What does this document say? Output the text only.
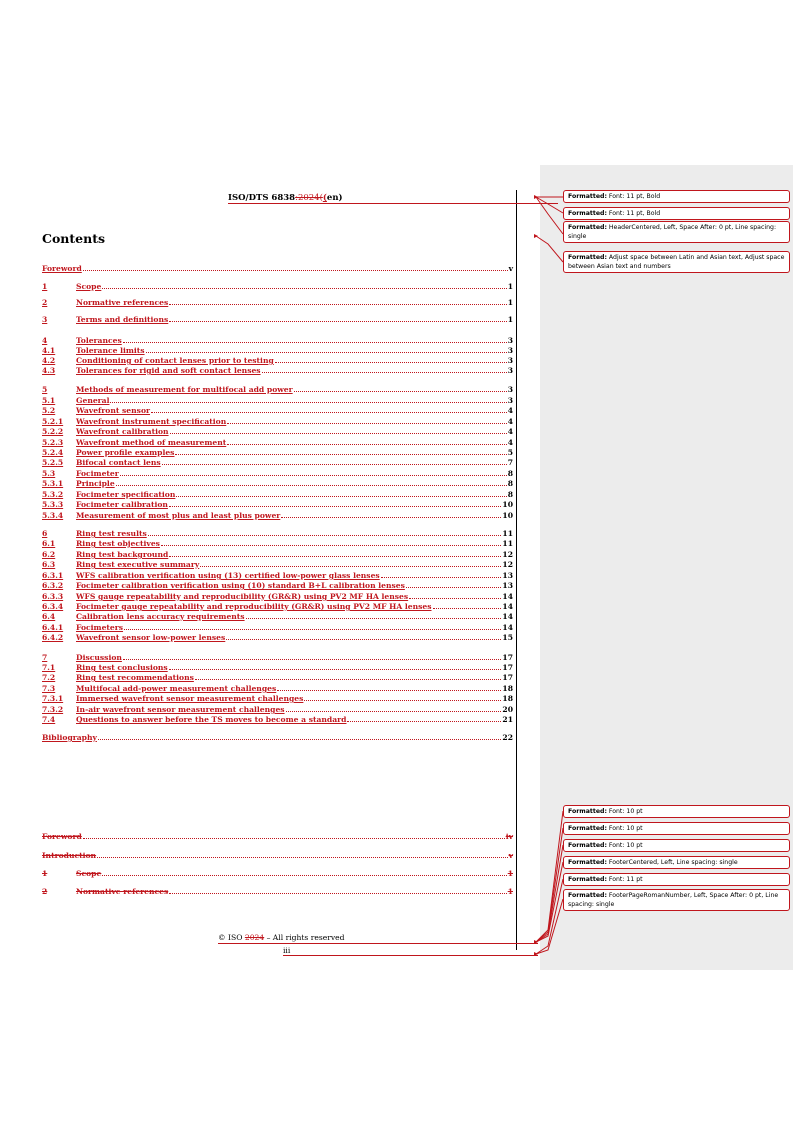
ISO/DTS 6838:2024((en)
Contents
Foreword	v
1	Scope	1
2	Normative references	1
3	Terms and definitions	1
4	Tolerances	3
4.1	Tolerance limits	3
4.2	Conditioning of contact lenses prior to testing	3
4.3	Tolerances for rigid and soft contact lenses	3
5	Methods of measurement for multifocal add power	3
5.1	General	3
5.2	Wavefront sensor	4
5.2.1	Wavefront instrument specification	4
5.2.2	Wavefront calibration	4
5.2.3	Wavefront method of measurement	4
5.2.4	Power profile examples	5
5.2.5	Bifocal contact lens	7
5.3	Focimeter	8
5.3.1	Principle	8
5.3.2	Focimeter specification	8
5.3.3	Focimeter calibration	10
5.3.4	Measurement of most plus and least plus power	10
6	Ring test results	11
6.1	Ring test objectives	11
6.2	Ring test background	12
6.3	Ring test executive summary	12
6.3.1	WFS calibration verification using (13) certified low-power glass lenses	13
6.3.2	Focimeter calibration verification using (10) standard B+L calibration lenses	13
6.3.3	WFS gauge repeatability and reproducibility (GR&R) using PV2 MF HA lenses	14
6.3.4	Focimeter gauge repeatability and reproducibility (GR&R) using PV2 MF HA lenses	14
6.4	Calibration lens accuracy requirements	14
6.4.1	Focimeters	14
6.4.2	Wavefront sensor low-power lenses	15
7	Discussion	17
7.1	Ring test conclusions	17
7.2	Ring test recommendations	17
7.3	Multifocal add-power measurement challenges	18
7.3.1	Immersed wavefront sensor measurement challenges	18
7.3.2	In-air wavefront sensor measurement challenges	20
7.4	Questions to answer before the TS moves to become a standard	21
Bibliography	22
Foreword	iv
Introduction	v
1	Scope	1
2	Normative references	1
Formatted: Font: 11 pt, Bold
Formatted: Font: 11 pt, Bold
Formatted: HeaderCentered, Left, Space After: 0 pt, Line spacing: single
Formatted: Adjust space between Latin and Asian text, Adjust space between Asian text and numbers
Formatted: Font: 10 pt
Formatted: Font: 10 pt
Formatted: Font: 10 pt
Formatted: FooterCentered, Left, Line spacing: single
Formatted: Font: 11 pt
Formatted: FooterPageRomanNumber, Left, Space After: 0 pt, Line spacing: single
© ISO 2024 – All rights reserved
iii
